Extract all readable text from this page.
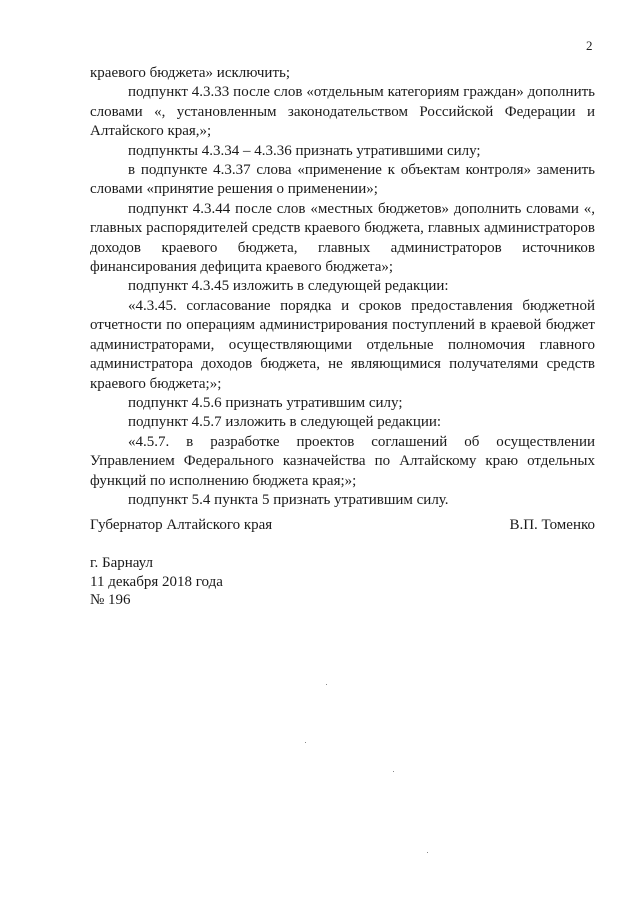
2

краевого бюджета» исключить;

подпункт 4.3.33 после слов «отдельным категориям граждан» дополнить словами «, установленным законодательством Российской Федерации и Алтайского края,»;

подпункты 4.3.34 – 4.3.36 признать утратившими силу;

в подпункте 4.3.37 слова «применение к объектам контроля» заменить словами «принятие решения о применении»;

подпункт 4.3.44 после слов «местных бюджетов» дополнить словами «, главных распорядителей средств краевого бюджета, главных администраторов доходов краевого бюджета, главных администраторов источников финансирования дефицита краевого бюджета»;

подпункт 4.3.45 изложить в следующей редакции:

«4.3.45. согласование порядка и сроков предоставления бюджетной отчетности по операциям администрирования поступлений в краевой бюджет администраторами, осуществляющими отдельные полномочия главного администратора доходов бюджета, не являющимися получателями средств краевого бюджета;»;

подпункт 4.5.6 признать утратившим силу;

подпункт 4.5.7 изложить в следующей редакции:

«4.5.7. в разработке проектов соглашений об осуществлении Управлением Федерального казначейства по Алтайскому краю отдельных функций по исполнению бюджета края;»;

подпункт 5.4 пункта 5 признать утратившим силу.

Губернатор Алтайского края	В.П. Томенко
г. Барнаул
11 декабря 2018 года
№ 196
